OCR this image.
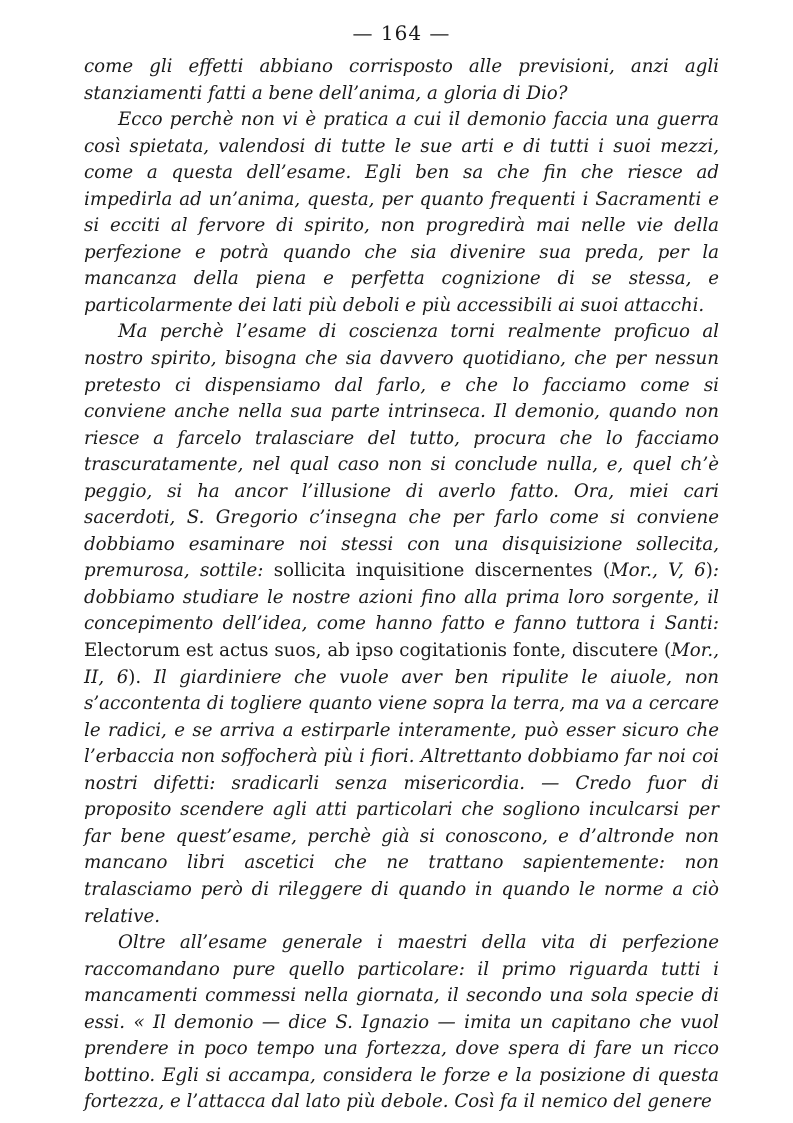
— 164 —

come gli effetti abbiano corrisposto alle previsioni, anzi agli stanziamenti fatti a bene dell’anima, a gloria di Dio?

Ecco perchè non vi è pratica a cui il demonio faccia una guerra così spietata, valendosi di tutte le sue arti e di tutti i suoi mezzi, come a questa dell’esame. Egli ben sa che fin che riesce ad impedirla ad un’anima, questa, per quanto frequenti i Sacramenti e si ecciti al fervore di spirito, non progredirà mai nelle vie della perfezione e potrà quando che sia divenire sua preda, per la mancanza della piena e perfetta cognizione di se stessa, e particolarmente dei lati più deboli e più accessibili ai suoi attacchi.

Ma perchè l’esame di coscienza torni realmente proficuo al nostro spirito, bisogna che sia davvero quotidiano, che per nessun pretesto ci dispensiamo dal farlo, e che lo facciamo come si conviene anche nella sua parte intrinseca. Il demonio, quando non riesce a farcelo tralasciare del tutto, procura che lo facciamo trascuratamente, nel qual caso non si conclude nulla, e, quel ch’è peggio, si ha ancor l’illusione di averlo fatto. Ora, miei cari sacerdoti, S. Gregorio c’insegna che per farlo come si conviene dobbiamo esaminare noi stessi con una disquisizione sollecita, premurosa, sottile: sollicita inquisitione discernentes (Mor., V, 6): dobbiamo studiare le nostre azioni fino alla prima loro sorgente, il concepimento dell’idea, come hanno fatto e fanno tuttora i Santi: Electorum est actus suos, ab ipso cogitationis fonte, discutere (Mor., II, 6). Il giardiniere che vuole aver ben ripulite le aiuole, non s’accontenta di togliere quanto viene sopra la terra, ma va a cercare le radici, e se arriva a estirparle interamente, può esser sicuro che l’erbaccia non soffocherà più i fiori. Altrettanto dobbiamo far noi coi nostri difetti: sradicarli senza misericordia. — Credo fuor di proposito scendere agli atti particolari che sogliono inculcarsi per far bene quest’esame, perchè già si conoscono, e d’altronde non mancano libri ascetici che ne trattano sapientemente: non tralasciamo però di rileggere di quando in quando le norme a ciò relative.

Oltre all’esame generale i maestri della vita di perfezione raccomandano pure quello particolare: il primo riguarda tutti i mancamenti commessi nella giornata, il secondo una sola specie di essi. « Il demonio — dice S. Ignazio — imita un capitano che vuol prendere in poco tempo una fortezza, dove spera di fare un ricco bottino. Egli si accampa, considera le forze e la posizione di questa fortezza, e l’attacca dal lato più debole. Così fa il nemico del genere
